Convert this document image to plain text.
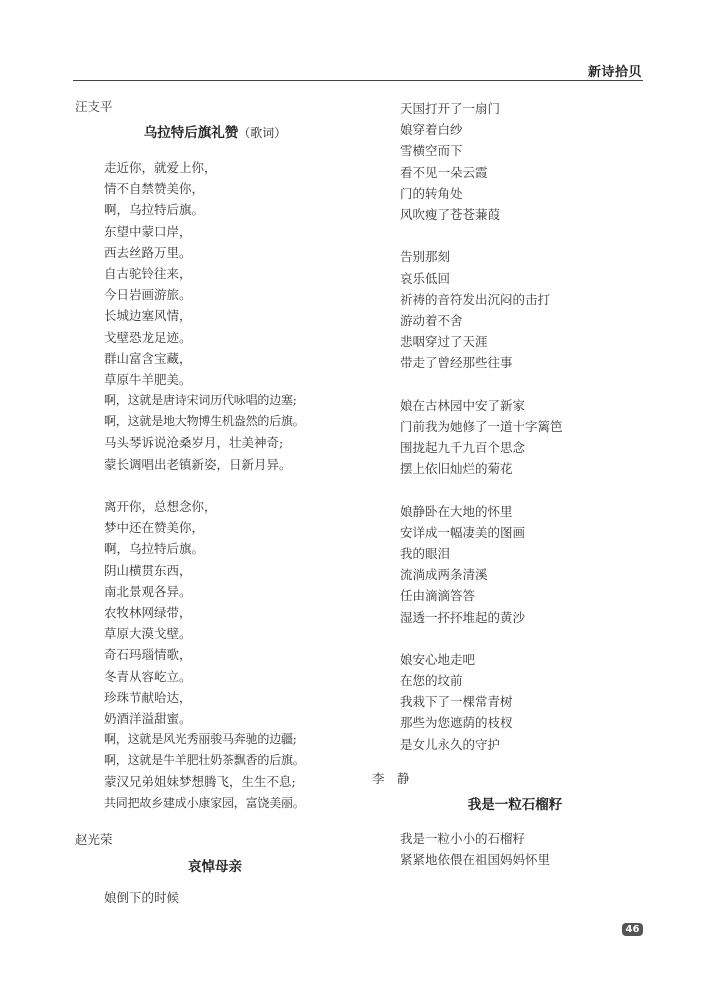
新诗拾贝
汪支平
乌拉特后旗礼赞（歌词）
走近你，就爱上你，
情不自禁赞美你，
啊，乌拉特后旗。
东望中蒙口岸，
西去丝路万里。
自古驼铃往来，
今日岩画游旅。
长城边塞风情，
戈壁恐龙足迹。
群山富含宝藏，
草原牛羊肥美。
啊，这就是唐诗宋词历代咏唱的边塞;
啊，这就是地大物博生机盎然的后旗。
马头琴诉说沧桑岁月，壮美神奇;
蒙长调唱出老镇新姿，日新月异。
离开你，总想念你，
梦中还在赞美你，
啊，乌拉特后旗。
阴山横贯东西，
南北景观各异。
农牧林网绿带，
草原大漠戈壁。
奇石玛瑙情歌，
冬青从容屹立。
珍珠节献哈达，
奶酒洋溢甜蜜。
啊，这就是风光秀丽骏马奔驰的边疆;
啊，这就是牛羊肥壮奶茶飘香的后旗。
蒙汉兄弟姐妹梦想腾飞，生生不息;
共同把故乡建成小康家园，富饶美丽。
赵光荣
哀悼母亲
娘倒下的时候
天国打开了一扇门
娘穿着白纱
雪横空而下
看不见一朵云霞
门的转角处
风吹瘦了苍苍蒹葭
告别那刻
哀乐低回
祈祷的音符发出沉闷的击打
游动着不舍
悲咽穿过了天涯
带走了曾经那些往事
娘在古林园中安了新家
门前我为她修了一道十字篱笆
围拢起九千九百个思念
摆上依旧灿烂的菊花
娘静卧在大地的怀里
安详成一幅凄美的图画
我的眼泪
流淌成两条清溪
任由滴滴答答
湿透一抔抔堆起的黄沙
娘安心地走吧
在您的坟前
我栽下了一棵常青树
那些为您遮荫的枝杈
是女儿永久的守护
李　静
我是一粒石榴籽
我是一粒小小的石榴籽
紧紧地依偎在祖国妈妈怀里
46
